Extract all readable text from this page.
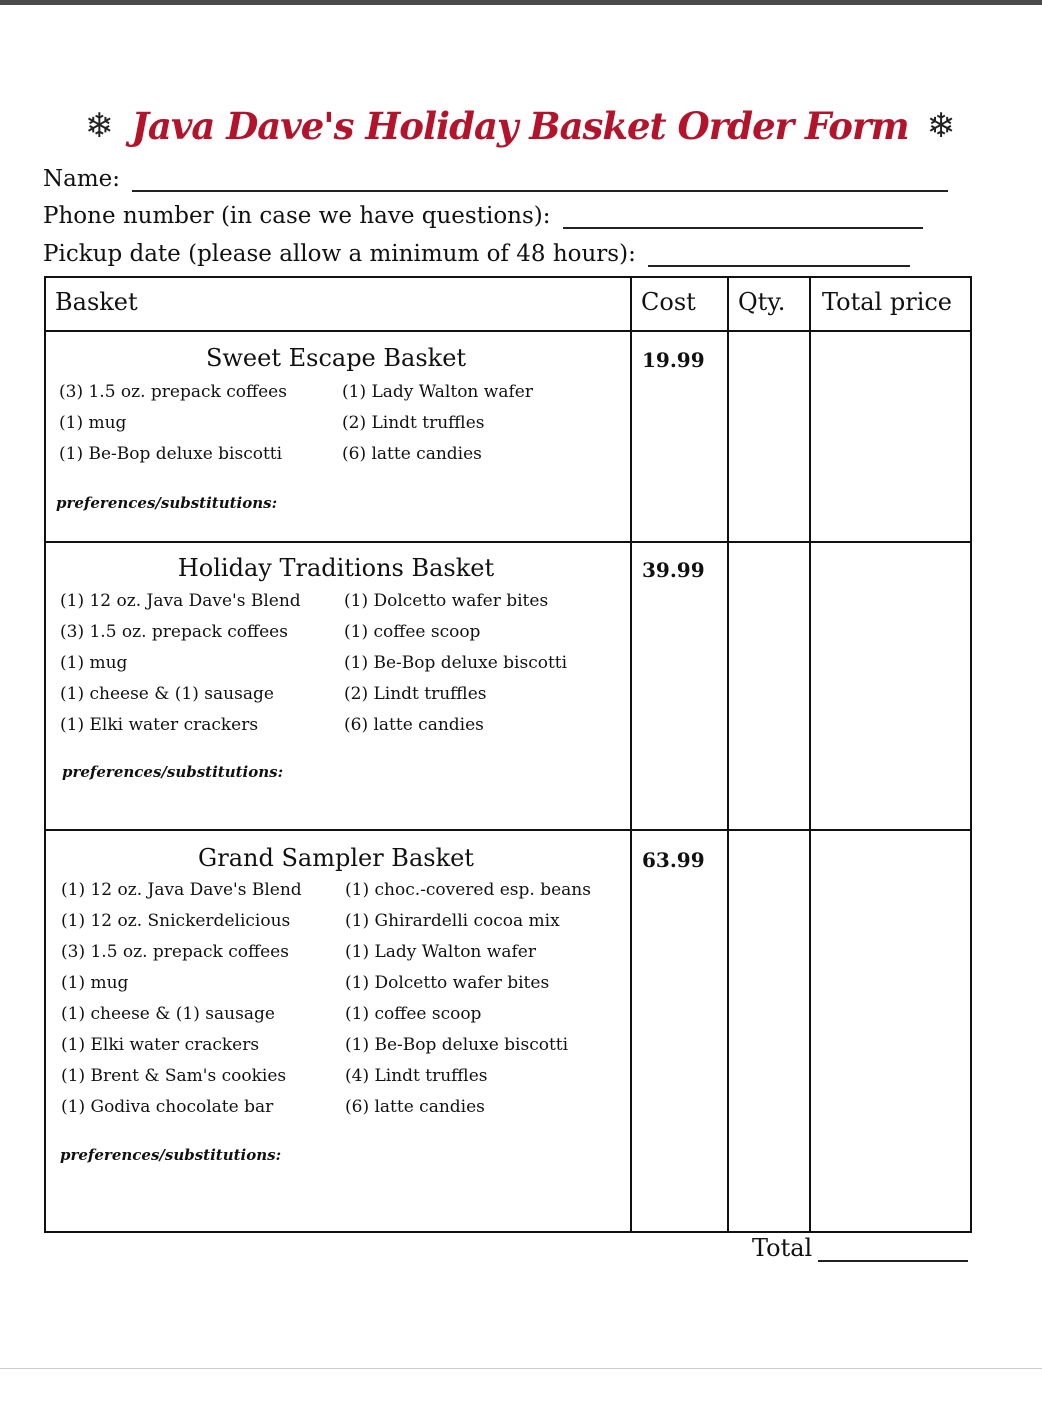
❄ Java Dave's Holiday Basket Order Form ❄
Name:
Phone number (in case we have questions):
Pickup date (please allow a minimum of 48 hours):
Basket	Cost Qty. Total price
Sweet Escape Basket	19.99
(3) 1.5 oz. prepack coffees
(1) mug
(1) Be-Bop deluxe biscotti
(1) Lady Walton wafer
(2) Lindt truffles
(6) latte candies
preferences/substitutions:
Holiday Traditions Basket	39.99
(1) 12 oz. Java Dave's Blend
(3) 1.5 oz. prepack coffees
(1) mug
(1) cheese & (1) sausage
(1) Elki water crackers
(1) Dolcetto wafer bites
(1) coffee scoop
(1) Be-Bop deluxe biscotti
(2) Lindt truffles
(6) latte candies
preferences/substitutions:
Grand Sampler Basket	63.99
(1) 12 oz. Java Dave's Blend
(1) 12 oz. Snickerdelicious
(3) 1.5 oz. prepack coffees
(1) mug
(1) cheese & (1) sausage
(1) Elki water crackers
(1) Brent & Sam's cookies
(1) Godiva chocolate bar
(1) choc.-covered esp. beans
(1) Ghirardelli cocoa mix
(1) Lady Walton wafer
(1) Dolcetto wafer bites
(1) coffee scoop
(1) Be-Bop deluxe biscotti
(4) Lindt truffles
(6) latte candies
preferences/substitutions:
Total
